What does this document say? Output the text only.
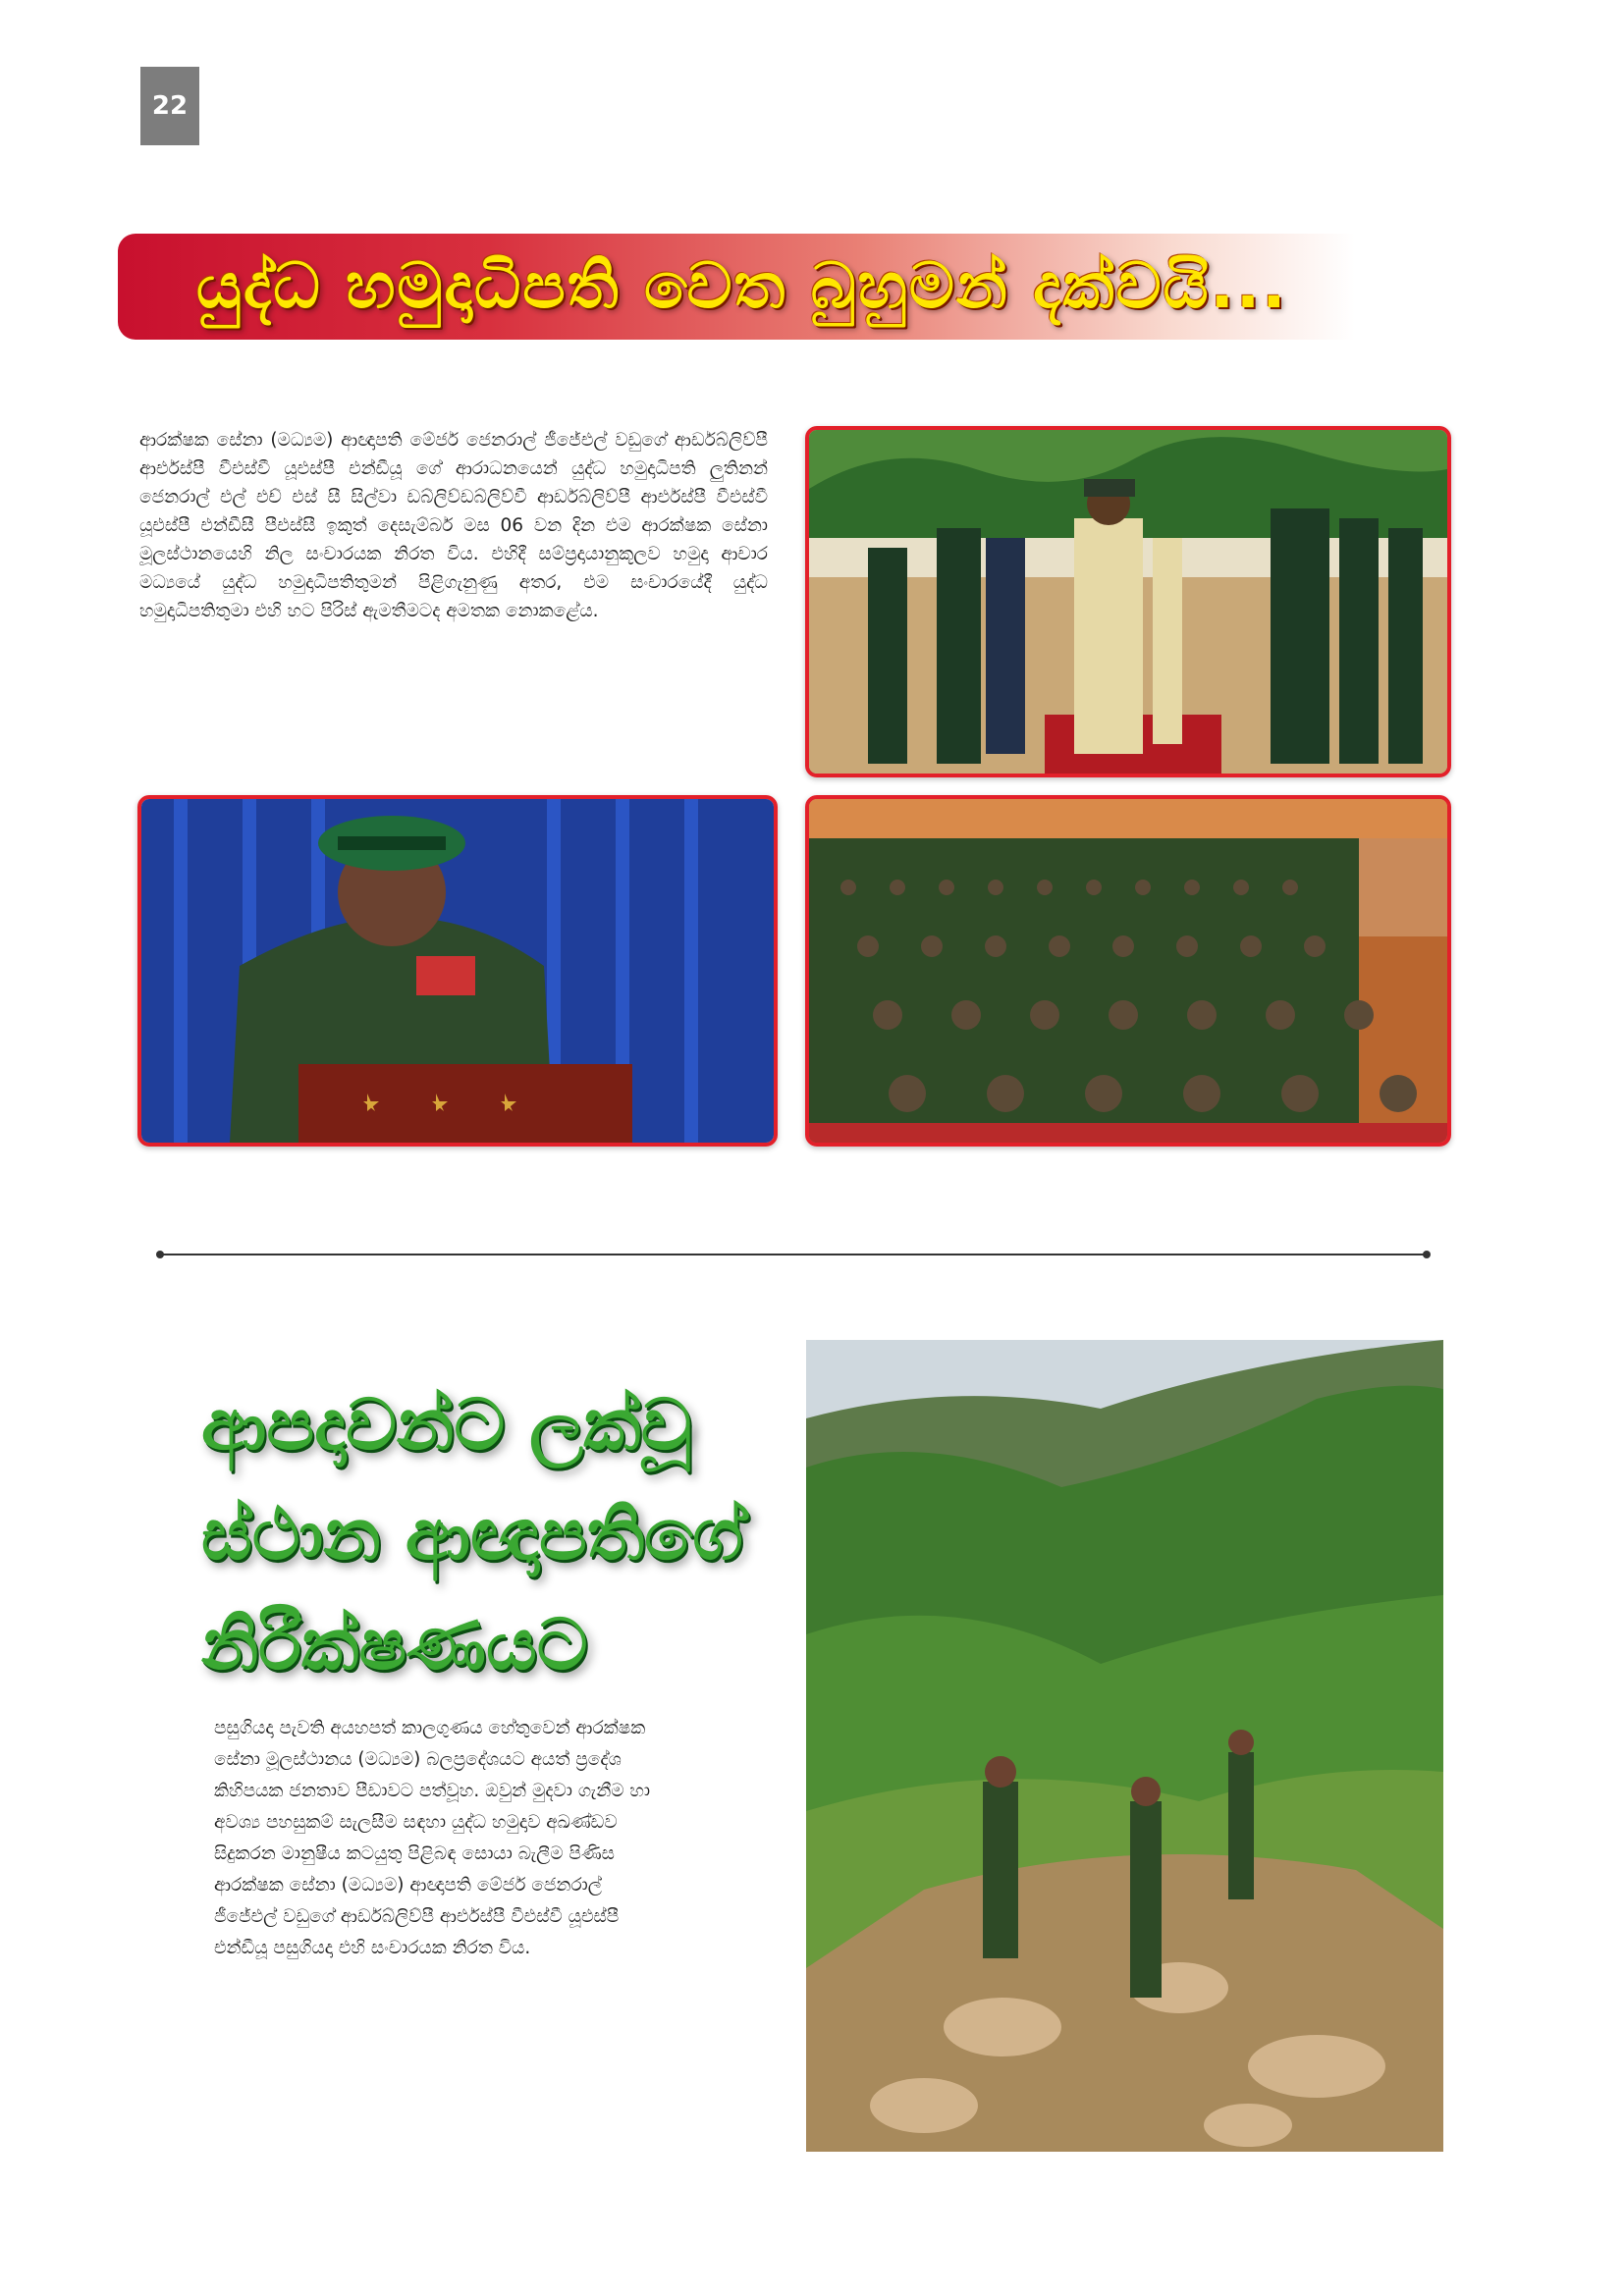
22
යුද්ධ හමුදාධිපති වෙත බුහුමන් දක්වයි...
ආරක්ෂක සේනා (මධ්‍යම) ආඥාපති මේජර් ජෙනරාල් ජීජේඑල් වඩුගේ ආර්ඩබ්ලිව්පී ආර්එස්පී වීඑස්වී යූඑස්පී එන්ඩීයූ ගේ ආරාධනයෙන් යුද්ධ හමුදාධිපති ලුතිනන් ජෙනරාල් එල් එච් එස් සී සිල්වා ඩබ්ලිව්ඩබ්ලිව්වී ආර්ඩබ්ලිව්පී ආර්එස්පී වීඑස්වී යූඑස්පී එන්ඩීසී පීඑස්සී ඉකුත් දෙසැම්බර් මස 06 වන දින එම ආරක්ෂක සේනා මූලස්ථානයෙහි නිල සංචාරයක නිරත විය. එහිදී සම්ප්‍රදායානුකූලව හමුදා ආචාර මධ්‍යයේ යුද්ධ හමුදාධිපතිතුමන් පිළිගැනුණු අතර, එම සංචාරයේදී යුද්ධ හමුදාධිපතිතුමා එහි හට පිරිස් ඇමතීමටද අමතක නොකළේය.
ආපදාවන්ට ලක්වූ
ස්ථාන ආඥාපතිගේ
නිරීක්ෂණයට
පසුගියදා පැවති අයහපත් කාලගුණය හේතුවෙන් ආරක්ෂක සේනා මූලස්ථානය (මධ්‍යම) බලප්‍රදේශයට අයත් ප්‍රදේශ කිහිපයක ජනතාව පීඩාවට පත්වූහ. ඔවුන් මුදවා ගැනීම හා අවශ්‍ය පහසුකම් සැලසීම සඳහා යුද්ධ හමුදාව අඛණ්ඩව සිදුකරන මානුෂීය කටයුතු පිළිබඳ සොයා බැලීම පිණිස ආරක්ෂක සේනා (මධ්‍යම) ආඥාපති මේජර් ජෙනරාල් ජීජේඑල් වඩුගේ ආර්ඩබ්ලිව්පී ආර්එස්පී වීඑස්වී යූඑස්පී එන්ඩීයූ පසුගියදා එහි සංචාරයක නිරත විය.
